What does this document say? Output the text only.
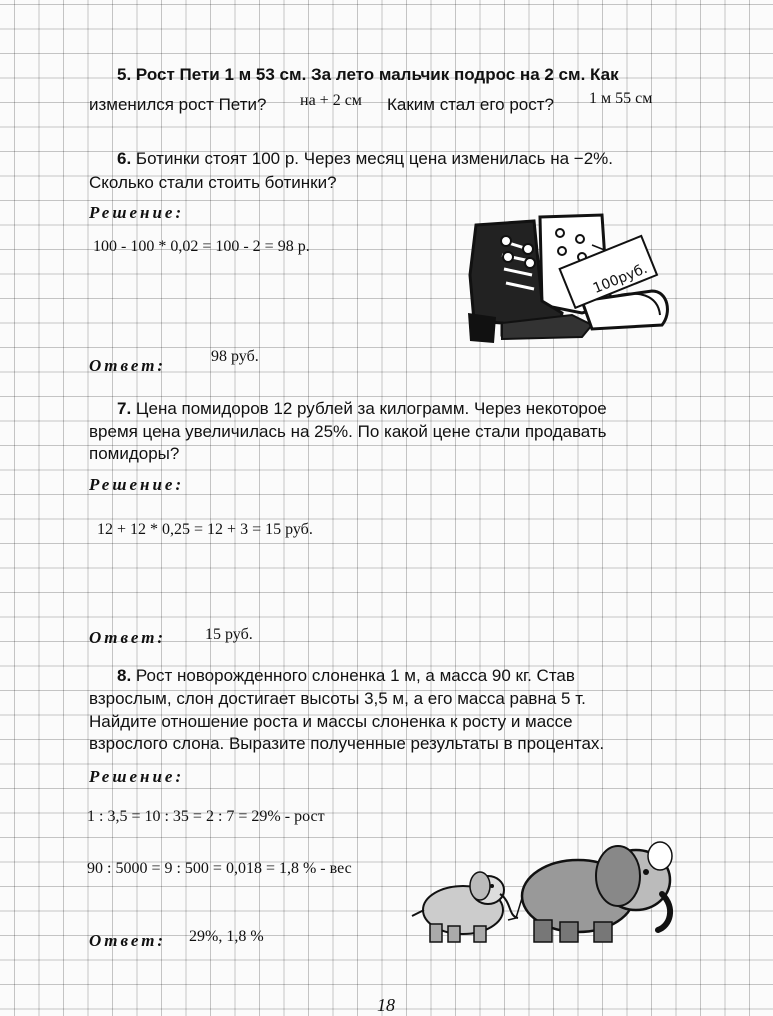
5. Рост Пети 1 м 53 см. За лето мальчик подрос на 2 см. Как
изменился рост Пети? на + 2 см Каким стал его рост? 1 м 55 см
6. Ботинки стоят 100 р. Через месяц цена изменилась на −2%.
Сколько стали стоить ботинки?
Решение:
100 - 100 * 0,02 = 100 - 2 = 98 р.
100руб.
Ответ:	98 руб.
7. Цена помидоров 12 рублей за килограмм. Через некоторое
время цена увеличилась на 25%. По какой цене стали продавать
помидоры?
Решение:
12 + 12 * 0,25 = 12 + 3 = 15 руб.
Ответ: 15 руб.
8. Рост новорожденного слоненка 1 м, а масса 90 кг. Став
взрослым, слон достигает высоты 3,5 м, а его масса равна 5 т.
Найдите отношение роста и массы слоненка к росту и массе
взрослого слона. Выразите полученные результаты в процентах.
Решение:
1 : 3,5 = 10 : 35 = 2 : 7 = 29% - рост
90 : 5000 = 9 : 500 = 0,018 = 1,8 % - вес
Ответ: 29%, 1,8 %
18
